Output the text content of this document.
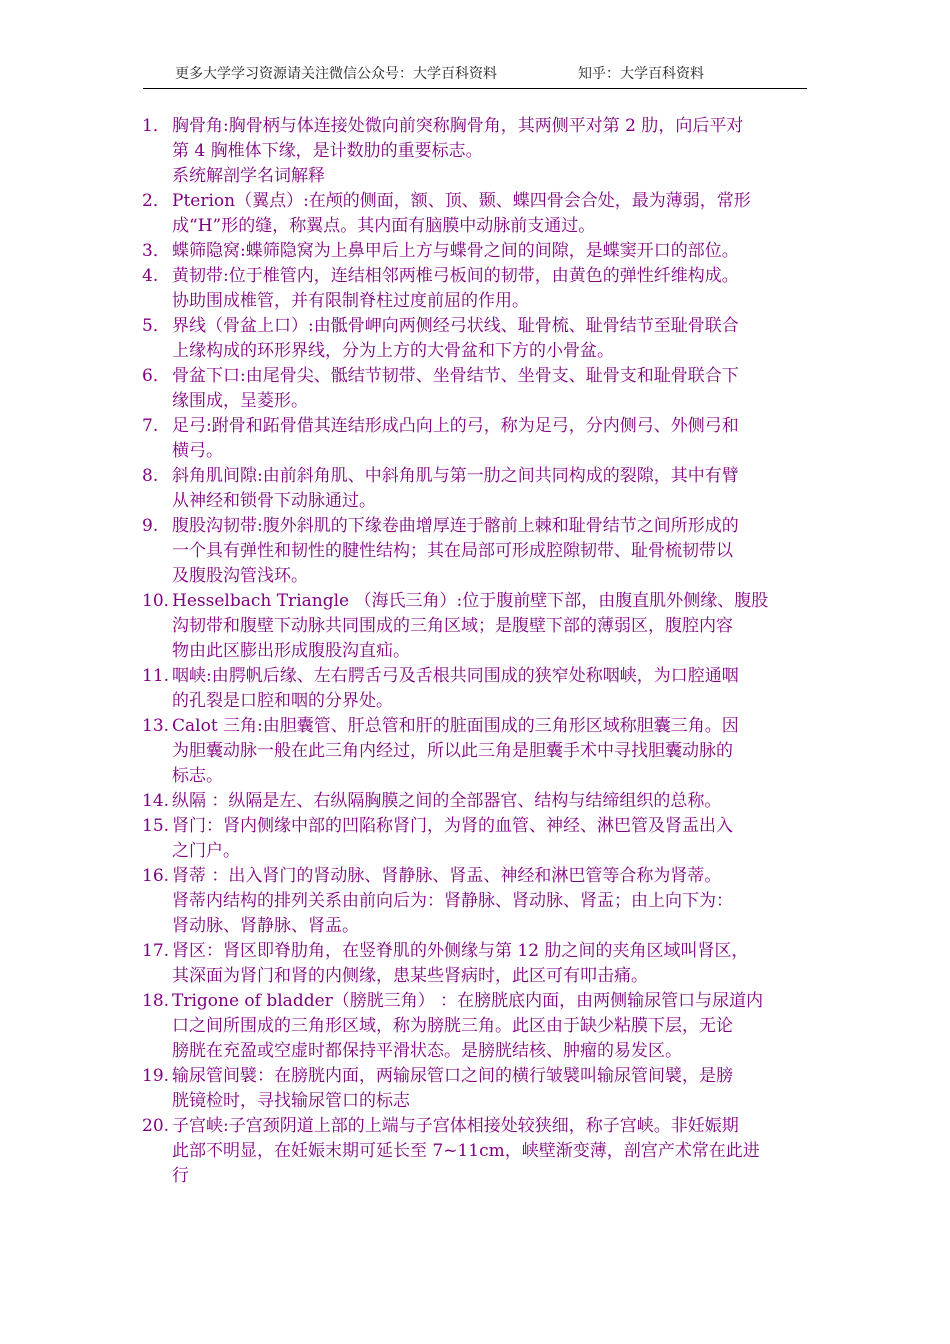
更多大学学习资源请关注微信公众号：大学百科资料	知乎：大学百科资料
1． 胸骨角:胸骨柄与体连接处微向前突称胸骨角，其两侧平对第 2 肋，向后平对
第 4 胸椎体下缘，是计数肋的重要标志。
系统解剖学名词解释
2． Pterion（翼点）:在颅的侧面，额、顶、颞、蝶四骨会合处，最为薄弱，常形
成“H”形的缝，称翼点。其内面有脑膜中动脉前支通过。
3． 蝶筛隐窝:蝶筛隐窝为上鼻甲后上方与蝶骨之间的间隙，是蝶窦开口的部位。
4. 黄韧带:位于椎管内，连结相邻两椎弓板间的韧带，由黄色的弹性纤维构成。
协助围成椎管，并有限制脊柱过度前屈的作用。
5． 界线（骨盆上口）:由骶骨岬向两侧经弓状线、耻骨梳、耻骨结节至耻骨联合
上缘构成的环形界线，分为上方的大骨盆和下方的小骨盆。
6． 骨盆下口:由尾骨尖、骶结节韧带、坐骨结节、坐骨支、耻骨支和耻骨联合下
缘围成，呈菱形。
7. 足弓:跗骨和跖骨借其连结形成凸向上的弓，称为足弓，分内侧弓、外侧弓和
横弓。
8. 斜角肌间隙:由前斜角肌、中斜角肌与第一肋之间共同构成的裂隙，其中有臂
从神经和锁骨下动脉通过。
9. 腹股沟韧带:腹外斜肌的下缘卷曲增厚连于髂前上棘和耻骨结节之间所形成的
一个具有弹性和韧性的腱性结构；其在局部可形成腔隙韧带、耻骨梳韧带以
及腹股沟管浅环。
10．
Hesselbach Triangle （海氏三角）:位于腹前壁下部，由腹直肌外侧缘、腹股
沟韧带和腹壁下动脉共同围成的三角区域；是腹壁下部的薄弱区，腹腔内容
物由此区膨出形成腹股沟直疝。
11. 咽峡:由腭帆后缘、左右腭舌弓及舌根共同围成的狭窄处称咽峡，为口腔通咽
的孔裂是口腔和咽的分界处。
13. Calot 三角:由胆囊管、肝总管和肝的脏面围成的三角形区域称胆囊三角。因
为胆囊动脉一般在此三角内经过，所以此三角是胆囊手术中寻找胆囊动脉的
标志。
14. 纵隔 ：纵隔是左、右纵隔胸膜之间的全部器官、结构与结缔组织的总称。
15. 肾门：肾内侧缘中部的凹陷称肾门，为肾的血管、神经、淋巴管及肾盂出入
之门户。
16. 肾蒂 ：出入肾门的肾动脉、肾静脉、肾盂、神经和淋巴管等合称为肾蒂。
肾蒂内结构的排列关系由前向后为：肾静脉、肾动脉、肾盂；由上向下为：
肾动脉、肾静脉、肾盂。
17. 肾区：肾区即脊肋角，在竖脊肌的外侧缘与第 12 肋之间的夹角区域叫肾区，
其深面为肾门和肾的内侧缘，患某些肾病时，此区可有叩击痛。
18. Trigone of bladder（膀胱三角） ：在膀胱底内面，由两侧输尿管口与尿道内
口之间所围成的三角形区域，称为膀胱三角。此区由于缺少粘膜下层，无论
膀胱在充盈或空虚时都保持平滑状态。是膀胱结核、肿瘤的易发区。
19. 输尿管间襞：在膀胱内面，两输尿管口之间的横行皱襞叫输尿管间襞，是膀
胱镜检时，寻找输尿管口的标志
20. 子宫峡:子宫颈阴道上部的上端与子宫体相接处较狭细，称子宫峡。非妊娠期
此部不明显，在妊娠末期可延长至 7~11cm，峡壁渐变薄，剖宫产术常在此进
行
